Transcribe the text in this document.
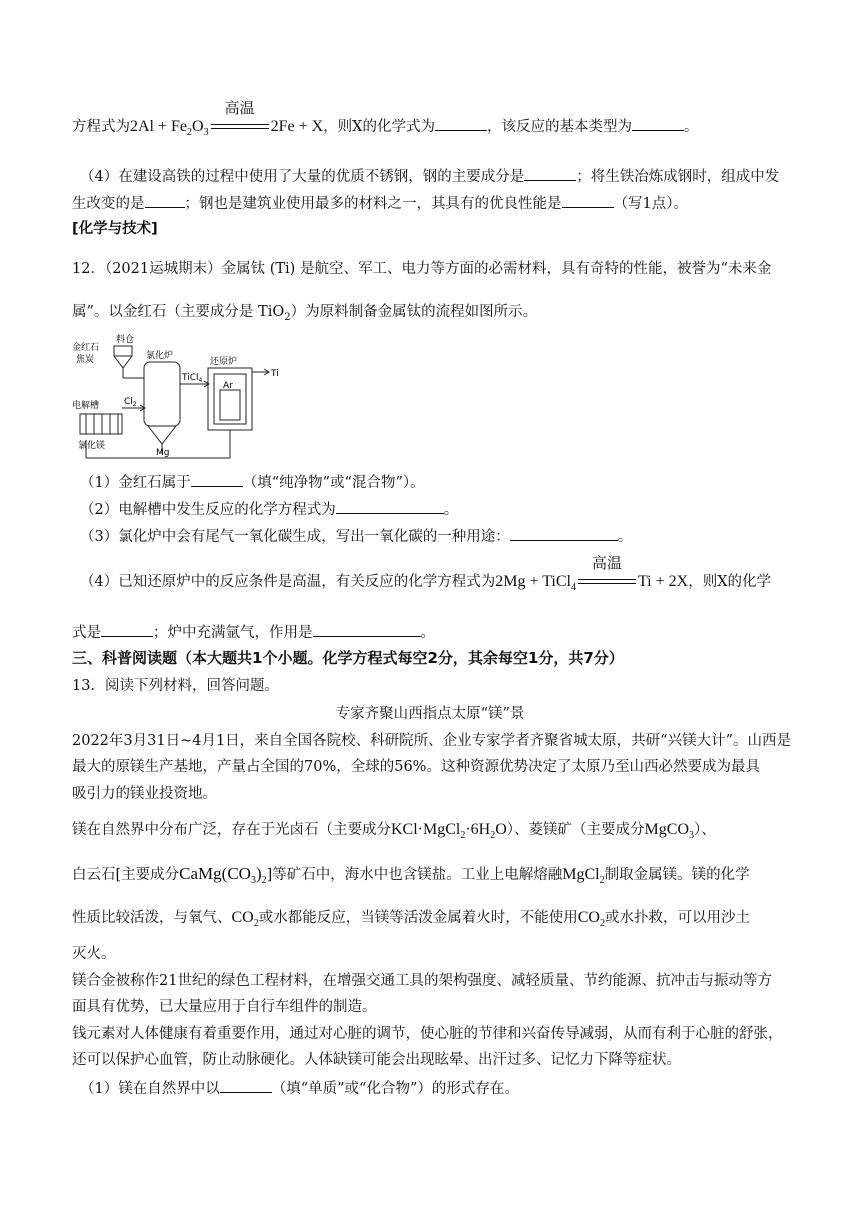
方程式为$2Al + Fe_2O_3$
高温
2Fe + X，则X的化学式为	，该反应的基本类型为	。
（4）在建设高铁的过程中使用了大量的优质不锈钢，钢的主要成分是	；将生铁冶炼成钢时，组成中发
生改变的是	；钢也是建筑业使用最多的材料之一，其具有的优良性能是	（写1点）。
[化学与技术]
12．（2021运城期末）金属钛 (Ti) 是航空、军工、电力等方面的必需材料，具有奇特的性能，被誉为“未来金
属”。以金红石（主要成分是 TiO$_2$）为原料制备金属钛的流程如图所示。
金红石
焦炭
料仓
氯化炉
TiCl$_4$
还原炉
Ar
Ti
电解槽	$Cl_2$
氯化镁
Mg
（1）金红石属于	（填“纯净物”或“混合物”）。
（2）电解槽中发生反应的化学方程式为	。
（3）氯化炉中会有尾气一氧化碳生成，写出一氧化碳的一种用途：	。
（4）已知还原炉中的反应条件是高温，有关反应的化学方程式为2Mg + TiCl$_4$
高温
Ti + 2X，则X的化学
式是	；炉中充满氩气，作用是	。
三、科普阅读题（本大题共1个小题。化学方程式每空2分，其余每空1分，共7分）
13．阅读下列材料，回答问题。
专家齐聚山西指点太原“镁”景
2022年3月31日~4月1日，来自全国各院校、科研院所、企业专家学者齐聚省城太原，共研“兴镁大计”。山西是
最大的原镁生产基地，产量占全国的70%，全球的56%。这种资源优势决定了太原乃至山西必然要成为最具
吸引力的镁业投资地。
镁在自然界中分布广泛，存在于光卤石（主要成分$KCl\cdot MgCl_2\cdot 6H_2O$）、菱镁矿（主要成分MgCO$_3$）、
白云石[主要成分$CaMg(CO_3)_2$]等矿石中，海水中也含镁盐。工业上电解熔融MgCl$_2$制取金属镁。镁的化学
性质比较活泼，与氧气、$CO_2$或水都能反应，当镁等活泼金属着火时，不能使用$CO_2$或水扑救，可以用沙土
灭火。
镁合金被称作21世纪的绿色工程材料，在增强交通工具的架构强度、减轻质量、节约能源、抗冲击与振动等方
面具有优势，已大量应用于自行车组件的制造。
钱元素对人体健康有着重要作用，通过对心脏的调节，使心脏的节律和兴奋传导减弱，从而有利于心脏的舒张，
还可以保护心血管，防止动脉硬化。人体缺镁可能会出现眩晕、出汗过多、记忆力下降等症状。
（1）镁在自然界中以	（填“单质”或“化合物”）的形式存在。
